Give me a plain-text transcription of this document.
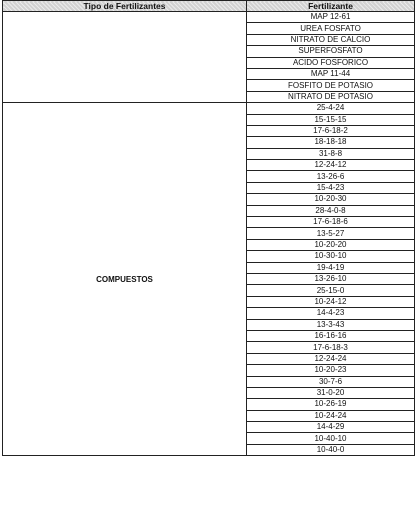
Tipo de Fertilizantes	Fertilizante
	MAP 12-61
	UREA FOSFATO
	NITRATO DE CALCIO
	SUPERFOSFATO
	ACIDO FOSFORICO
	MAP 11-44
	FOSFITO DE POTASIO
	NITRATO DE POTASIO
COMPUESTOS	25-4-24
	15-15-15
	17-6-18-2
	18-18-18
	31-8-8
	12-24-12
	13-26-6
	15-4-23
	10-20-30
	28-4-0-8
	17-6-18-6
	13-5-27
	10-20-20
	10-30-10
	19-4-19
	13-26-10
	25-15-0
	10-24-12
	14-4-23
	13-3-43
	16-16-16
	17-6-18-3
	12-24-24
	10-20-23
	30-7-6
	31-0-20
	10-26-19
	10-24-24
	14-4-29
	10-40-10
	10-40-0
